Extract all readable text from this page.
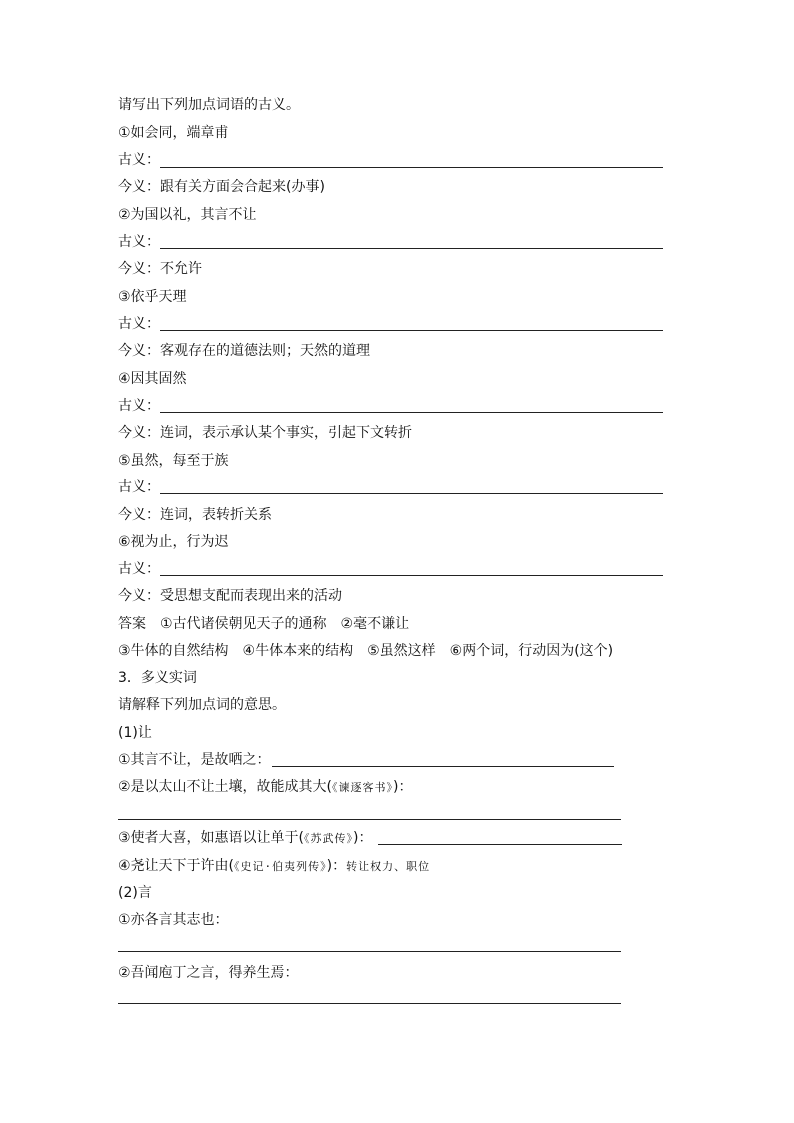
请写出下列加点词语的古义。
①如会同，端章甫
古义：
今义：跟有关方面会合起来(办事)
②为国以礼，其言不让
古义：
今义：不允许
③依乎天理
古义：
今义：客观存在的道德法则；天然的道理
④因其固然
古义：
今义：连词，表示承认某个事实，引起下文转折
⑤虽然，每至于族
古义：
今义：连词，表转折关系
⑥视为止，行为迟
古义：
今义：受思想支配而表现出来的活动
答案 ①古代诸侯朝见天子的通称　②毫不谦让
③牛体的自然结构　④牛体本来的结构　⑤虽然这样　⑥两个词，行动因为(这个)
3．多义实词
请解释下列加点词的意思。
(1)让
①其言不让，是故哂之：
②是以太山不让土壤，故能成其大(《谏逐客书》)：
③使者大喜，如惠语以让单于(《苏武传》)：
④尧让天下于许由(《史记·伯夷列传》)：转让权力、职位
(2)言
①亦各言其志也：
②吾闻庖丁之言，得养生焉：
